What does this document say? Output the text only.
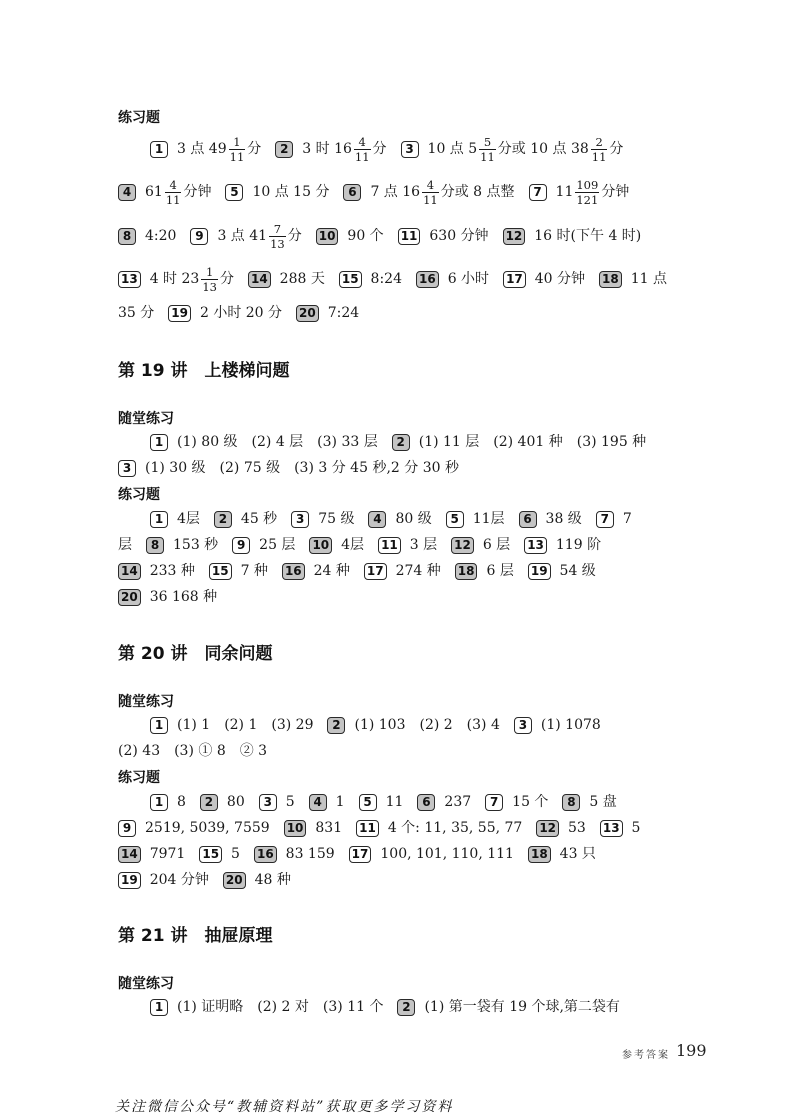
练习题
1 3 点 $49 \frac{1}{11}$ 分	2 3 时 $16 \frac{4}{11}$ 分	3 10 点 $5 \frac{5}{11}$ 分或 10 点 $38 \frac{2}{11}$ 分
4 $61 \frac{4}{11}$ 分钟	5 10 点 15 分	6 7 点 $16 \frac{4}{11}$ 分或 8 点整	7 $11 \frac{109}{121}$ 分钟
8 4:20	9 3 点 $41 \frac{7}{13}$ 分 10 90 个 11 630 分钟 12 16 时(下午 4 时)
13 4 时 $23 \frac{1}{13}$ 分 14 288 天 15 8:24 16 6 小时 17 40 分钟 18 11 点
35 分 19 2 小时 20 分 20 7:24
第 19 讲　上楼梯问题
随堂练习
1 (1) 80 级　(2) 4 层　(3) 33 层	2 (1) 11 层　(2) 401 种　(3) 195 种
3 (1) 30 级　(2) 75 级　(3) 3 分 45 秒,2 分 30 秒
练习题
1 4层	2 45 秒	3 75 级	4 80 级	5 11层	6 38 级	7 7
层	8 153 秒	9 25 层 10 4层 11 3 层 12 6 层 13 119 阶
14 233 种 15 7 种 16 24 种 17 274 种 18 6 层 19 54 级
20 36 168 种
第 20 讲　同余问题
随堂练习
1 (1) 1　(2) 1　(3) 29	2 (1) 103　(2) 2　(3) 4	3 (1) 1078
(2) 43　(3) ① 8　② 3
练习题
1 8	2 80	3 5	4 1	5 11	6 237	7 15 个	8 5 盘
9 2519, 5039, 7559 10 831 11 4 个: 11, 35, 55, 77 12 53 13 5
14 7971 15 5 16 83 159 17 100, 101, 110, 111 18 43 只
19 204 分钟 20 48 种
第 21 讲　抽屉原理
随堂练习
1 (1) 证明略　(2) 2 对　(3) 11 个	2 (1) 第一袋有 19 个球,第二袋有
参考答案 199
关注微信公众号“教辅资料站”获取更多学习资料
